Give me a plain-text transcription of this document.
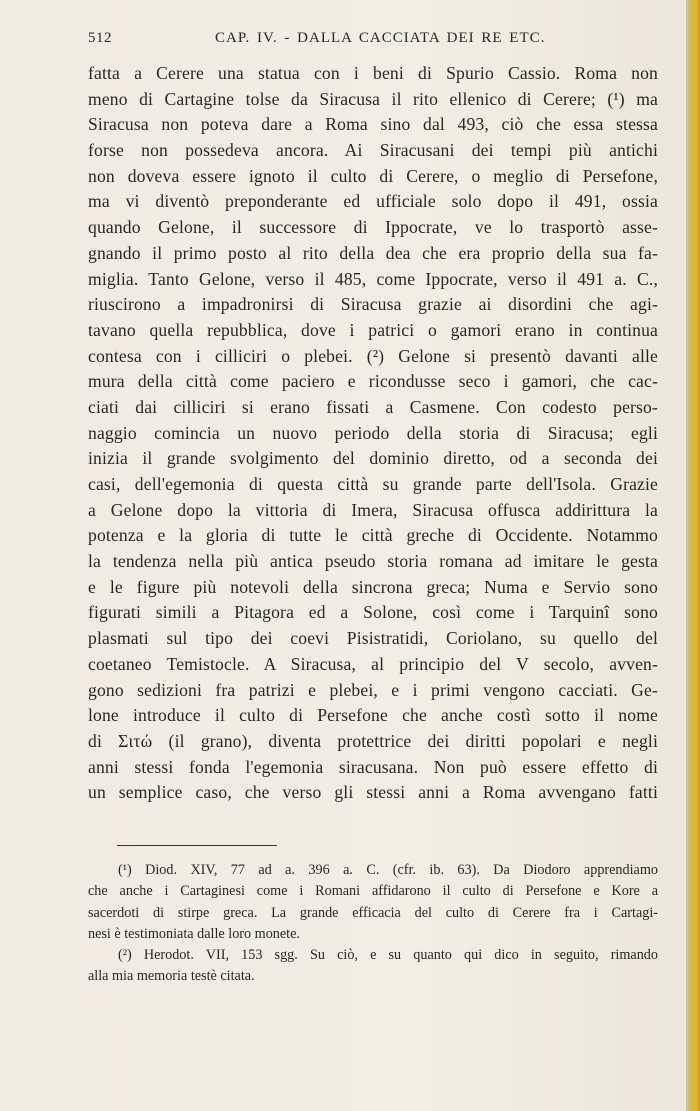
512	CAP. IV. - DALLA CACCIATA DEI RE ETC.
fatta a Cerere una statua con i beni di Spurio Cassio. Roma non
meno di Cartagine tolse da Siracusa il rito ellenico di Cerere; (¹) ma
Siracusa non poteva dare a Roma sino dal 493, ciò che essa stessa
forse non possedeva ancora. Ai Siracusani dei tempi più antichi
non doveva essere ignoto il culto di Cerere, o meglio di Persefone,
ma vi diventò preponderante ed ufficiale solo dopo il 491, ossia
quando Gelone, il successore di Ippocrate, ve lo trasportò asse-
gnando il primo posto al rito della dea che era proprio della sua fa-
miglia. Tanto Gelone, verso il 485, come Ippocrate, verso il 491 a. C.,
riuscirono a impadronirsi di Siracusa grazie ai disordini che agi-
tavano quella repubblica, dove i patrici o gamori erano in continua
contesa con i cilliciri o plebei. (²) Gelone si presentò davanti alle
mura della città come paciero e ricondusse seco i gamori, che cac-
ciati dai cilliciri si erano fissati a Casmene. Con codesto perso-
naggio comincia un nuovo periodo della storia di Siracusa; egli
inizia il grande svolgimento del dominio diretto, od a seconda dei
casi, dell'egemonia di questa città su grande parte dell'Isola. Grazie
a Gelone dopo la vittoria di Imera, Siracusa offusca addirittura la
potenza e la gloria di tutte le città greche di Occidente. Notammo
la tendenza nella più antica pseudo storia romana ad imitare le gesta
e le figure più notevoli della sincrona greca; Numa e Servio sono
figurati simili a Pitagora ed a Solone, così come i Tarquinî sono
plasmati sul tipo dei coevi Pisistratidi, Coriolano, su quello del
coetaneo Temistocle. A Siracusa, al principio del V secolo, avven-
gono sedizioni fra patrizi e plebei, e i primi vengono cacciati. Ge-
lone introduce il culto di Persefone che anche costì sotto il nome
di Σιτώ (il grano), diventa protettrice dei diritti popolari e negli
anni stessi fonda l'egemonia siracusana. Non può essere effetto di
un semplice caso, che verso gli stessi anni a Roma avvengano fatti
(¹) Diod. XIV, 77 ad a. 396 a. C. (cfr. ib. 63). Da Diodoro apprendiamo
che anche i Cartaginesi come i Romani affidarono il culto di Persefone e Kore a
sacerdoti di stirpe greca. La grande efficacia del culto di Cerere fra i Cartagi-
nesi è testimoniata dalle loro monete.
(²) Herodot. VII, 153 sgg. Su ciò, e su quanto qui dico in seguito, rimando
alla mia memoria testè citata.
